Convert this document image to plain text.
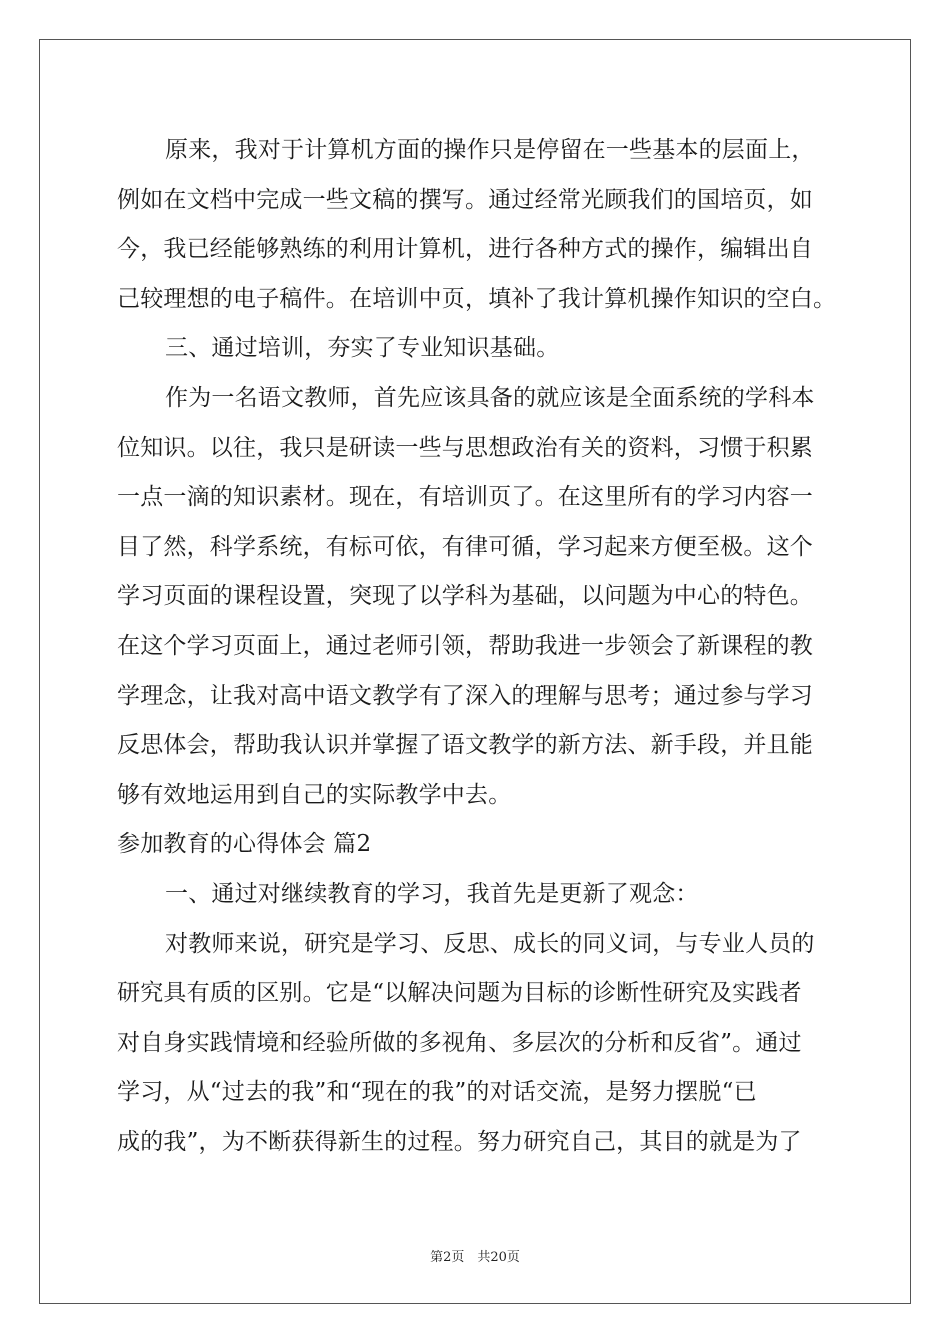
原来，我对于计算机方面的操作只是停留在一些基本的层面上，
例如在文档中完成一些文稿的撰写。通过经常光顾我们的国培页，如
今，我已经能够熟练的利用计算机，进行各种方式的操作，编辑出自
己较理想的电子稿件。在培训中页，填补了我计算机操作知识的空白。
三、通过培训，夯实了专业知识基础。
作为一名语文教师，首先应该具备的就应该是全面系统的学科本
位知识。以往，我只是研读一些与思想政治有关的资料，习惯于积累
一点一滴的知识素材。现在，有培训页了。在这里所有的学习内容一
目了然，科学系统，有标可依，有律可循，学习起来方便至极。这个
学习页面的课程设置，突现了以学科为基础，以问题为中心的特色。
在这个学习页面上，通过老师引领，帮助我进一步领会了新课程的教
学理念，让我对高中语文教学有了深入的理解与思考；通过参与学习
反思体会，帮助我认识并掌握了语文教学的新方法、新手段，并且能
够有效地运用到自己的实际教学中去。
参加教育的心得体会 篇2
一、通过对继续教育的学习，我首先是更新了观念：
对教师来说，研究是学习、反思、成长的同义词，与专业人员的
研究具有质的区别。它是“以解决问题为目标的诊断性研究及实践者
对自身实践情境和经验所做的多视角、多层次的分析和反省”。通过
学习，从“过去的我”和“现在的我”的对话交流，是努力摆脱“已
成的我”，为不断获得新生的过程。努力研究自己，其目的就是为了
第2页　共20页
